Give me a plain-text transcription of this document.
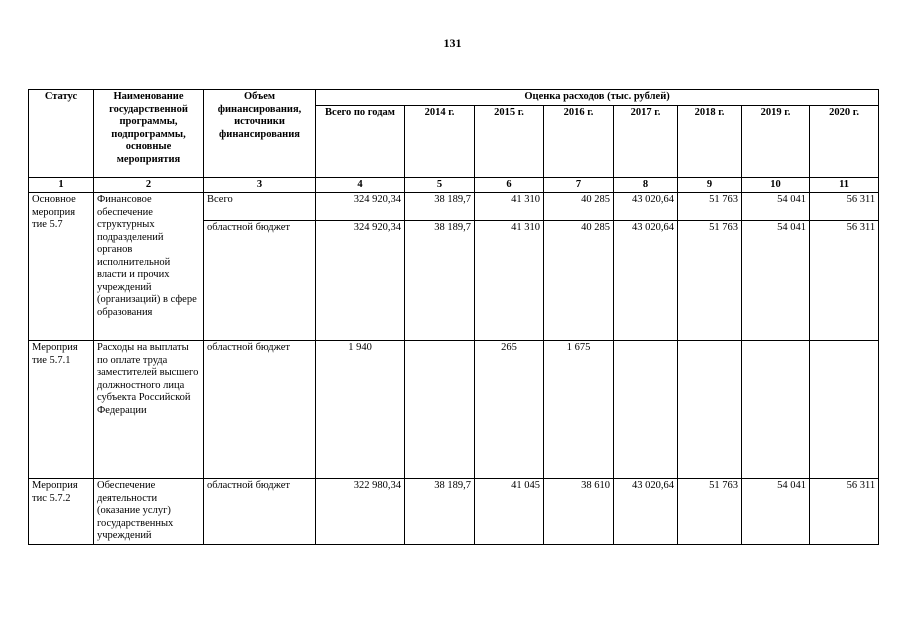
131
Статус	Наименование государственной программы, подпрограммы, основные мероприятия	Объем финансирования, источники финансирования	Оценка расходов (тыс. рублей)							
			Всего по годам	2014 г.	2015 г.	2016 г.	2017 г.	2018 г.	2019 г.	2020 г.
1	2	3	4	5	6	7	8	9	10	11
Основное мероприя тие 5.7	Финансовое обеспечение структурных подразделений органов исполнительной власти и прочих учреждений (организаций) в сфере образования	Всего	324 920,34	38 189,7	41 310	40 285	43 020,64	51 763	54 041	56 311
		областной бюджет	324 920,34	38 189,7	41 310	40 285	43 020,64	51 763	54 041	56 311
Мероприя тие 5.7.1	Расходы на выплаты по оплате труда заместителей высшего должностного лица субъекта Российской Федерации	областной бюджет	1 940		265	1 675				
Мероприя тис 5.7.2	Обеспечение деятельности (оказание услуг) государственных учреждений	областной бюджет	322 980,34	38 189,7	41 045	38 610	43 020,64	51 763	54 041	56 311
